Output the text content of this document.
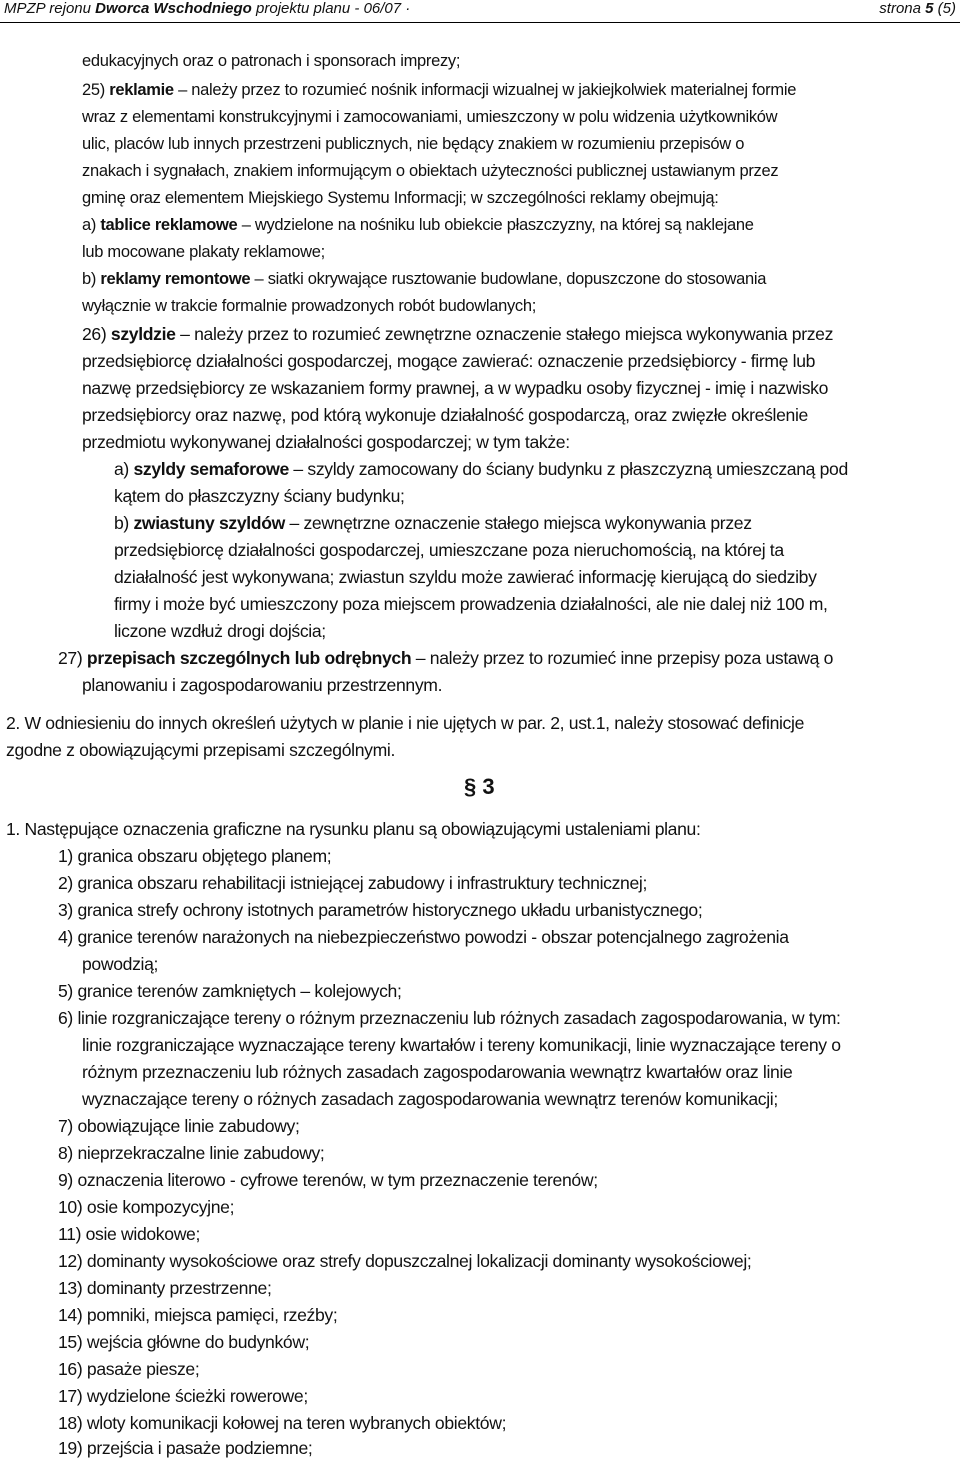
MPZP rejonu Dworca Wschodniego projektu planu - 06/07 ·	strona 5 (5)
edukacyjnych oraz o patronach i sponsorach imprezy;
25) reklamie – należy przez to rozumieć nośnik informacji wizualnej w jakiejkolwiek materialnej formie
wraz z elementami konstrukcyjnymi i zamocowaniami, umieszczony w polu widzenia użytkowników
ulic, placów lub innych przestrzeni publicznych, nie będący znakiem w rozumieniu przepisów o
znakach i sygnałach, znakiem informującym o obiektach użyteczności publicznej ustawianym przez
gminę oraz elementem Miejskiego Systemu Informacji; w szczególności reklamy obejmują:
a) tablice reklamowe – wydzielone na nośniku lub obiekcie płaszczyzny, na której są naklejane
lub mocowane plakaty reklamowe;
b) reklamy remontowe – siatki okrywające rusztowanie budowlane, dopuszczone do stosowania
wyłącznie w trakcie formalnie prowadzonych robót budowlanych;
26) szyldzie – należy przez to rozumieć zewnętrzne oznaczenie stałego miejsca wykonywania przez
przedsiębiorcę działalności gospodarczej, mogące zawierać: oznaczenie przedsiębiorcy - firmę lub
nazwę przedsiębiorcy ze wskazaniem formy prawnej, a w wypadku osoby fizycznej - imię i nazwisko
przedsiębiorcy oraz nazwę, pod którą wykonuje działalność gospodarczą, oraz zwięzłe określenie
przedmiotu wykonywanej działalności gospodarczej; w tym także:
a) szyldy semaforowe – szyldy zamocowany do ściany budynku z płaszczyzną umieszczaną pod
kątem do płaszczyzny ściany budynku;
b) zwiastuny szyldów – zewnętrzne oznaczenie stałego miejsca wykonywania przez
przedsiębiorcę działalności gospodarczej, umieszczane poza nieruchomością, na której ta
działalność jest wykonywana; zwiastun szyldu może zawierać informację kierującą do siedziby
firmy i może być umieszczony poza miejscem prowadzenia działalności, ale nie dalej niż 100 m,
liczone wzdłuż drogi dojścia;
27) przepisach szczególnych lub odrębnych – należy przez to rozumieć inne przepisy poza ustawą o
planowaniu i zagospodarowaniu przestrzennym.
2. W odniesieniu do innych określeń użytych w planie i nie ujętych w par. 2, ust.1, należy stosować definicje
zgodne z obowiązującymi przepisami szczególnymi.
§ 3
1. Następujące oznaczenia graficzne na rysunku planu są obowiązującymi ustaleniami planu:
1) granica obszaru objętego planem;
2) granica obszaru rehabilitacji istniejącej zabudowy i infrastruktury technicznej;
3) granica strefy ochrony istotnych parametrów historycznego układu urbanistycznego;
4) granice terenów narażonych na niebezpieczeństwo powodzi - obszar potencjalnego zagrożenia
powodzią;
5) granice terenów zamkniętych – kolejowych;
6) linie rozgraniczające tereny o różnym przeznaczeniu lub różnych zasadach zagospodarowania, w tym:
linie rozgraniczające wyznaczające tereny kwartałów i tereny komunikacji, linie wyznaczające tereny o
różnym przeznaczeniu lub różnych zasadach zagospodarowania wewnątrz kwartałów oraz linie
wyznaczające tereny o różnych zasadach zagospodarowania wewnątrz terenów komunikacji;
7) obowiązujące linie zabudowy;
8) nieprzekraczalne linie zabudowy;
9) oznaczenia literowo - cyfrowe terenów, w tym przeznaczenie terenów;
10) osie kompozycyjne;
11) osie widokowe;
12) dominanty wysokościowe oraz strefy dopuszczalnej lokalizacji dominanty wysokościowej;
13) dominanty przestrzenne;
14) pomniki, miejsca pamięci, rzeźby;
15) wejścia główne do budynków;
16) pasaże piesze;
17) wydzielone ścieżki rowerowe;
18) wloty komunikacji kołowej na teren wybranych obiektów;
19) przejścia i pasaże podziemne;
